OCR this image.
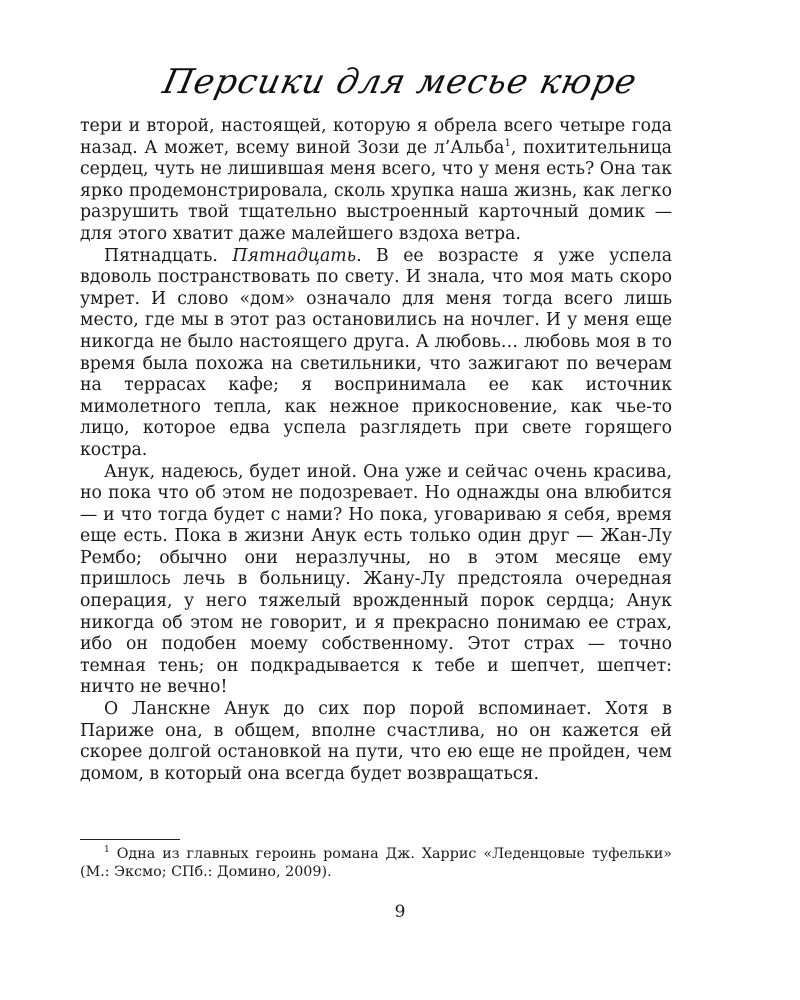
Персики для месье кюре

тери и второй, настоящей, которую я обрела всего четыре года назад. А может, всему виной Зози де л’Альба$^1$, похитительница сердец, чуть не лишившая меня всего, что у меня есть? Она так ярко продемонстрировала, сколь хрупка наша жизнь, как легко разрушить твой тщательно выстроенный карточный домик — для этого хватит даже малейшего вздоха ветра.

Пятнадцать. Пятнадцать. В ее возрасте я уже успела вдоволь постранствовать по свету. И знала, что моя мать скоро умрет. И слово «дом» означало для меня тогда всего лишь место, где мы в этот раз остановились на ночлег. И у меня еще никогда не было настоящего друга. А любовь… любовь моя в то время была похожа на светильники, что зажигают по вечерам на террасах кафе; я воспринимала ее как источник мимолетного тепла, как нежное прикосновение, как чье-то лицо, которое едва успела разглядеть при свете горящего костра.

Анук, надеюсь, будет иной. Она уже и сейчас очень красива, но пока что об этом не подозревает. Но однажды она влюбится — и что тогда будет с нами? Но пока, уговариваю я себя, время еще есть. Пока в жизни Анук есть только один друг — Жан-Лу Рембо; обычно они неразлучны, но в этом месяце ему пришлось лечь в больницу. Жану-Лу предстояла очередная операция, у него тяжелый врожденный порок сердца; Анук никогда об этом не говорит, и я прекрасно понимаю ее страх, ибо он подобен моему собственному. Этот страх — точно темная тень; он подкрадывается к тебе и шепчет, шепчет: ничто не вечно!

О Ланскне Анук до сих пор порой вспоминает. Хотя в Париже она, в общем, вполне счастлива, но он кажется ей скорее долгой остановкой на пути, что ею еще не пройден, чем домом, в который она всегда будет возвращаться.

$^1$ Одна из главных героинь романа Дж. Харрис «Леденцовые туфельки» (М.: Эксмо; СПб.: Домино, 2009).
9
